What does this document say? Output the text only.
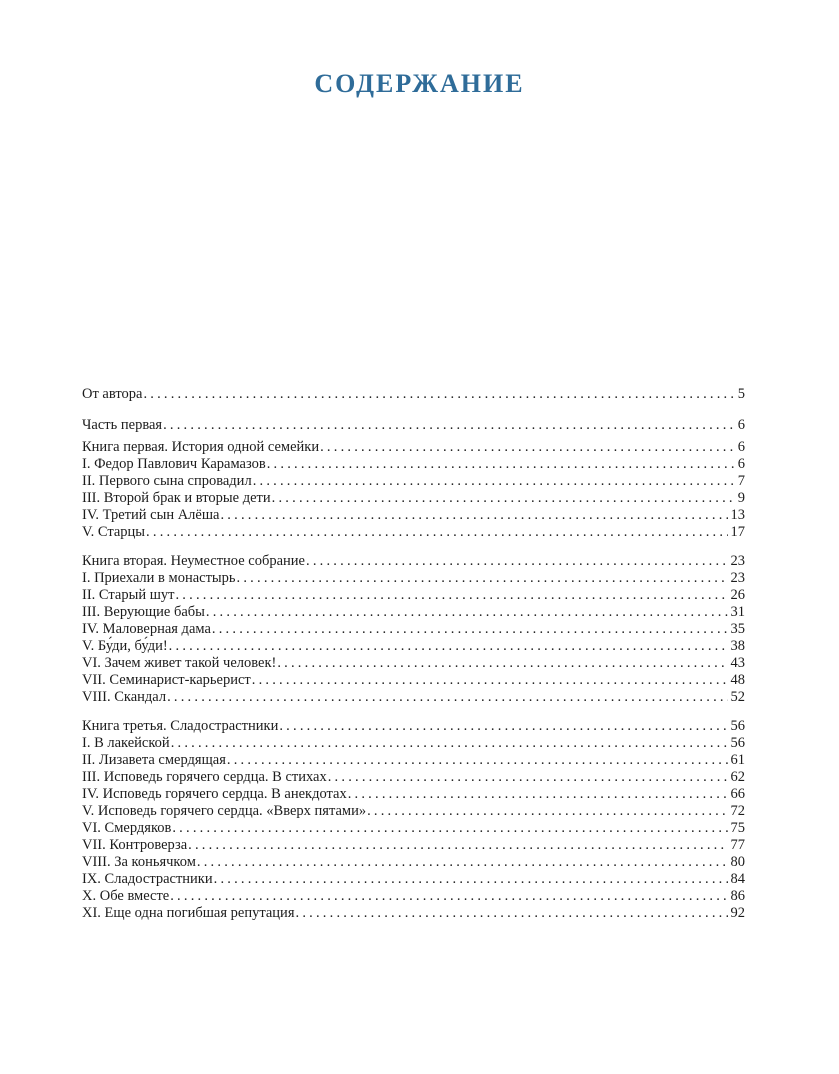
СОДЕРЖАНИЕ
От автора .....	5
Часть первая .....	6
Книга первая. История одной семейки .....	6
I. Федор Павлович Карамазов .....	6
II. Первого сына спровадил .....	7
III. Второй брак и вторые дети .....	9
IV. Третий сын Алёша .....	13
V. Старцы .....	17
Книга вторая. Неуместное собрание .....	23
I. Приехали в монастырь .....	23
II. Старый шут .....	26
III. Верующие бабы .....	31
IV. Маловерная дама .....	35
V. Бу́ди, бу́ди! .....	38
VI. Зачем живет такой человек! .....	43
VII. Семинарист-карьерист .....	48
VIII. Скандал .....	52
Книга третья. Сладострастники .....	56
I. В лакейской .....	56
II. Лизавета смердящая .....	61
III. Исповедь горячего сердца. В стихах .....	62
IV. Исповедь горячего сердца. В анекдотах .....	66
V. Исповедь горячего сердца. «Вверх пятами» .....	72
VI. Смердяков .....	75
VII. Контроверза .....	77
VIII. За коньячком .....	80
IX. Сладострастники .....	84
X. Обе вместе .....	86
XI. Еще одна погибшая репутация .....	92
